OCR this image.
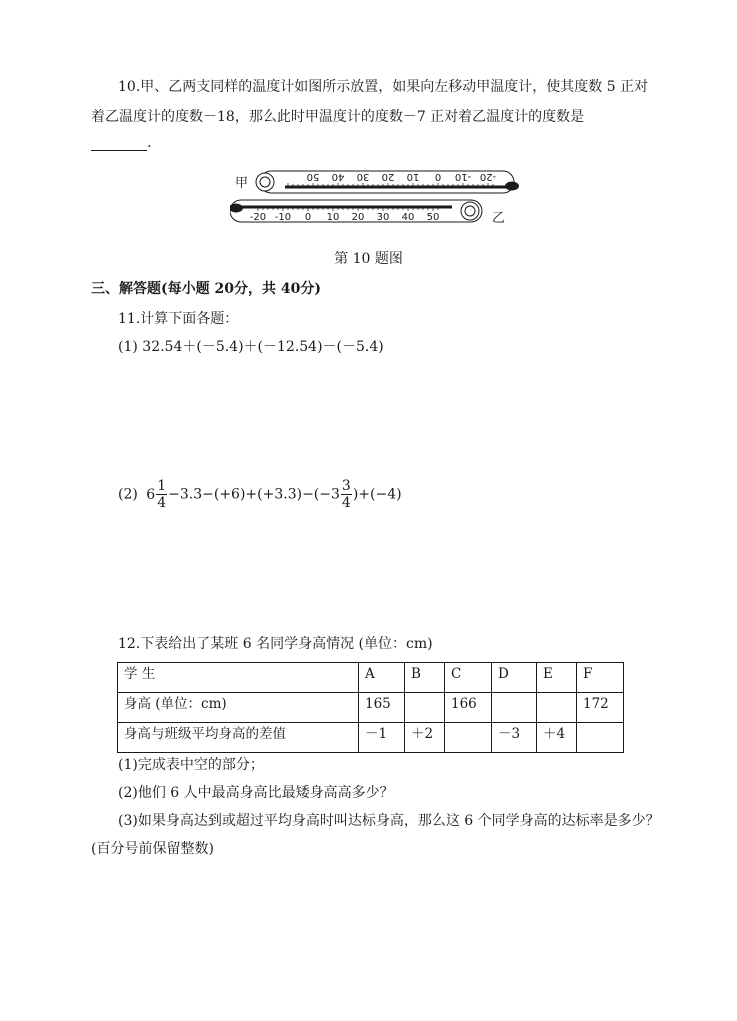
10.甲、乙两支同样的温度计如图所示放置，如果向左移动甲温度计，使其度数 5 正对
着乙温度计的度数－18，那么此时甲温度计的度数－7 正对着乙温度计的度数是
.
-20
-10
0
10
20
30
40
50
-20 -10 0 10 20 30 40 50
甲
乙
第 10 题图
三、解答题(每小题 20分，共 40分)
11.计算下面各题：
(1) 32.54＋(－5.4)＋(－12.54)－(－5.4)
(2) $6 \frac{1}{4} -3.3-(+6)+(+3.3)-(-3 \frac{3}{4} )+(-4)$
12.下表给出了某班 6 名同学身高情况 (单位：cm)
学 生	A	B	C	D	E	F
身高 (单位：cm)	165		166			172
身高与班级平均身高的差值	－1	＋2		－3	＋4	
(1)完成表中空的部分；
(2)他们 6 人中最高身高比最矮身高高多少？
(3)如果身高达到或超过平均身高时叫达标身高，那么这 6 个同学身高的达标率是多少？
(百分号前保留整数)
